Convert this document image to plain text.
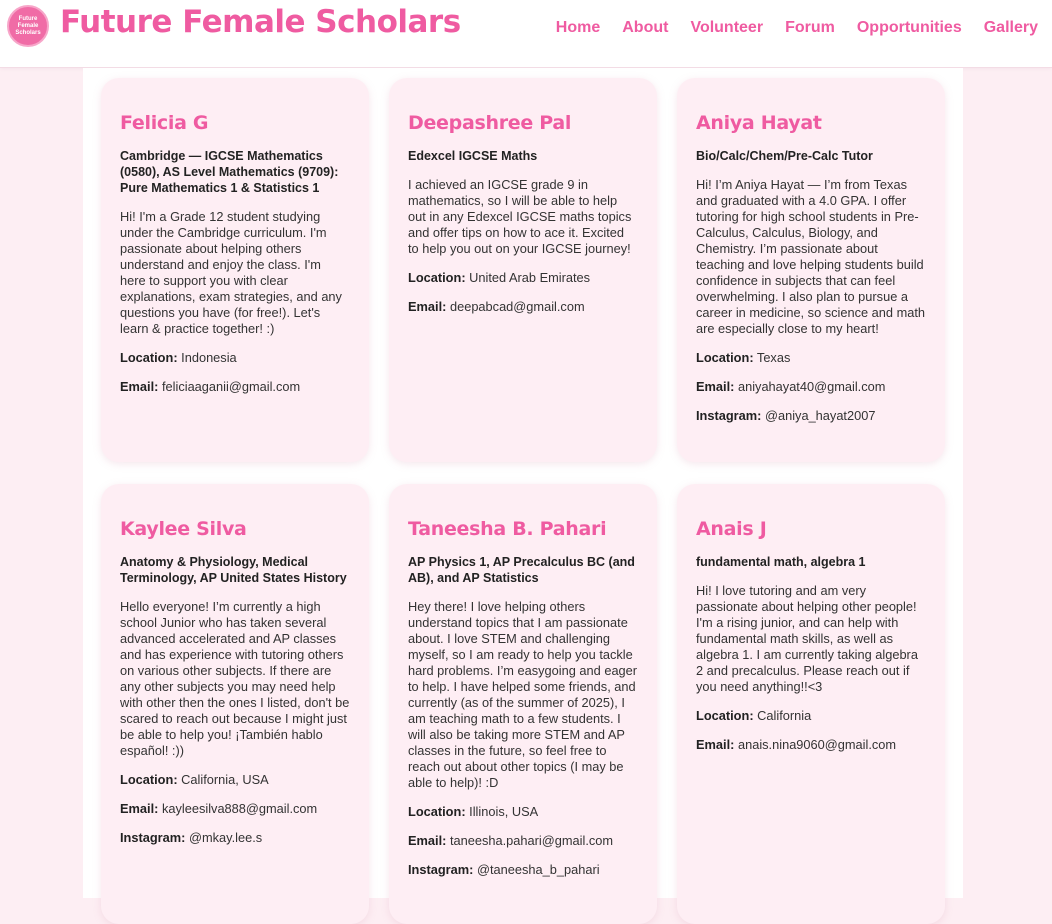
Future
Female
Scholars Future Female Scholars	Home About Volunteer Forum Opportunities Gallery
Felicia G
Cambridge — IGCSE Mathematics (0580), AS Level Mathematics (9709): Pure Mathematics 1 & Statistics 1
Hi! I'm a Grade 12 student studying under the Cambridge curriculum. I'm passionate about helping others understand and enjoy the class. I'm here to support you with clear explanations, exam strategies, and any questions you have (for free!). Let's learn & practice together! :)
Location: Indonesia
Email: feliciaaganii@gmail.com
Deepashree Pal
Edexcel IGCSE Maths
I achieved an IGCSE grade 9 in mathematics, so I will be able to help out in any Edexcel IGCSE maths topics and offer tips on how to ace it. Excited to help you out on your IGCSE journey!
Location: United Arab Emirates
Email: deepabcad@gmail.com
Aniya Hayat
Bio/Calc/Chem/Pre-Calc Tutor
Hi! I’m Aniya Hayat — I’m from Texas and graduated with a 4.0 GPA. I offer tutoring for high school students in Pre-Calculus, Calculus, Biology, and Chemistry. I’m passionate about teaching and love helping students build confidence in subjects that can feel overwhelming. I also plan to pursue a career in medicine, so science and math are especially close to my heart!
Location: Texas
Email: aniyahayat40@gmail.com
Instagram: @aniya_hayat2007
Kaylee Silva
Anatomy & Physiology, Medical Terminology, AP United States History
Hello everyone! I’m currently a high school Junior who has taken several advanced accelerated and AP classes and has experience with tutoring others on various other subjects. If there are any other subjects you may need help with other then the ones I listed, don't be scared to reach out because I might just be able to help you! ¡También hablo español! :))
Location: California, USA
Email: kayleesilva888@gmail.com
Instagram: @mkay.lee.s
Taneesha B. Pahari
AP Physics 1, AP Precalculus BC (and AB), and AP Statistics
Hey there! I love helping others understand topics that I am passionate about. I love STEM and challenging myself, so I am ready to help you tackle hard problems. I’m easygoing and eager to help. I have helped some friends, and currently (as of the summer of 2025), I am teaching math to a few students. I will also be taking more STEM and AP classes in the future, so feel free to reach out about other topics (I may be able to help)! :D
Location: Illinois, USA
Email: taneesha.pahari@gmail.com
Instagram: @taneesha_b_pahari
Anais J
fundamental math, algebra 1
Hi! I love tutoring and am very passionate about helping other people! I'm a rising junior, and can help with fundamental math skills, as well as algebra 1. I am currently taking algebra 2 and precalculus. Please reach out if you need anything!!<3
Location: California
Email: anais.nina9060@gmail.com
